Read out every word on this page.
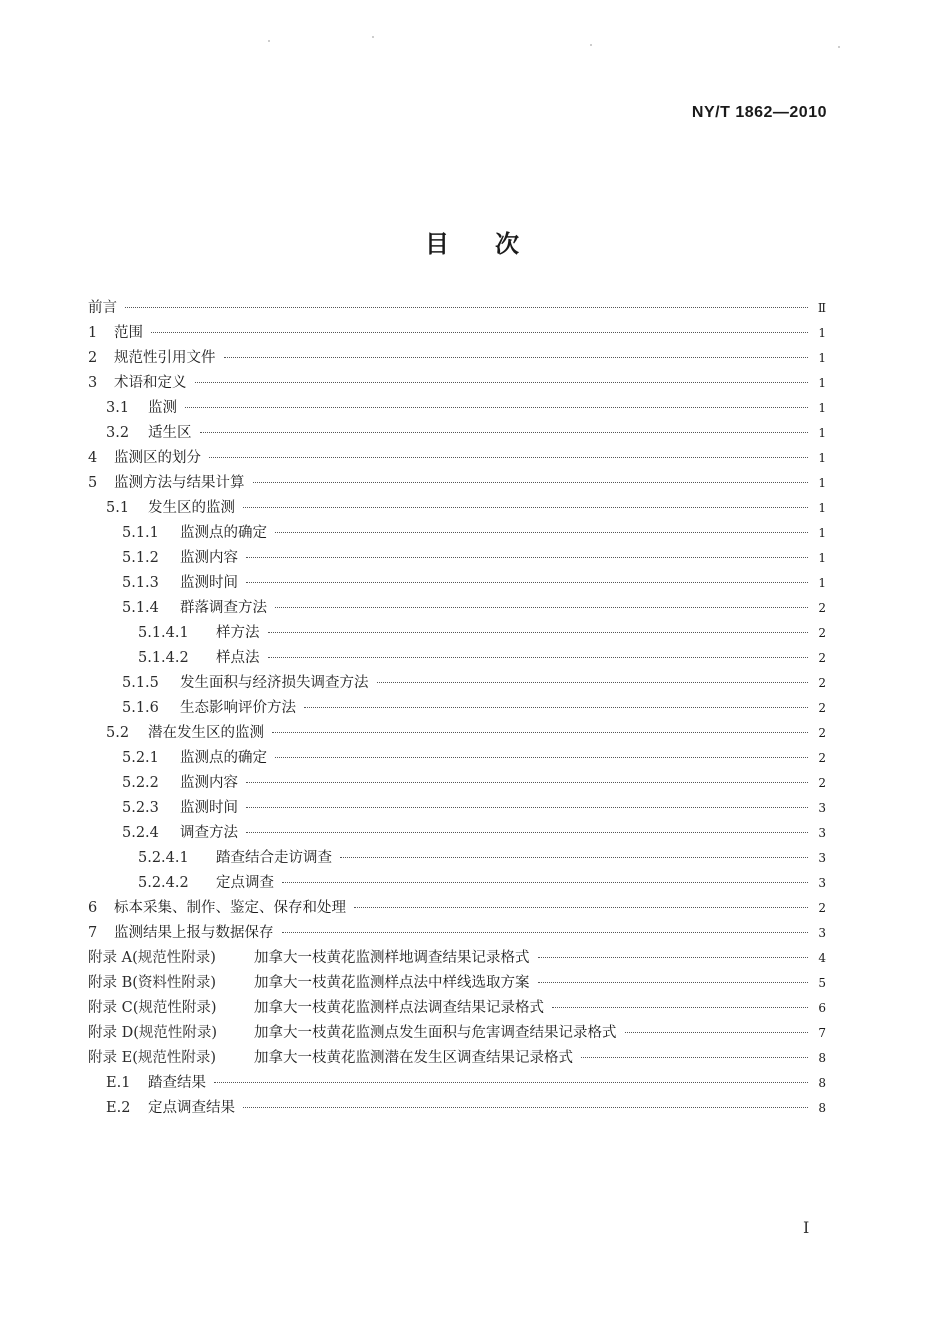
NY/T 1862—2010
目次
前言	Ⅱ
1	范围	1
2	规范性引用文件	1
3	术语和定义	1
3.1	监测	1
3.2	适生区	1
4	监测区的划分	1
5	监测方法与结果计算	1
5.1	发生区的监测	1
5.1.1	监测点的确定	1
5.1.2	监测内容	1
5.1.3	监测时间	1
5.1.4	群落调查方法	2
5.1.4.1	样方法	2
5.1.4.2	样点法	2
5.1.5	发生面积与经济损失调查方法	2
5.1.6	生态影响评价方法	2
5.2	潜在发生区的监测	2
5.2.1	监测点的确定	2
5.2.2	监测内容	2
5.2.3	监测时间	3
5.2.4	调查方法	3
5.2.4.1	踏查结合走访调查	3
5.2.4.2	定点调查	3
6	标本采集、制作、鉴定、保存和处理	2
7	监测结果上报与数据保存	3
附录 A(规范性附录)	加拿大一枝黄花监测样地调查结果记录格式	4
附录 B(资料性附录)	加拿大一枝黄花监测样点法中样线选取方案	5
附录 C(规范性附录)	加拿大一枝黄花监测样点法调查结果记录格式	6
附录 D(规范性附录)	加拿大一枝黄花监测点发生面积与危害调查结果记录格式	7
附录 E(规范性附录)	加拿大一枝黄花监测潜在发生区调查结果记录格式	8
E.1	踏查结果	8
E.2	定点调查结果	8
Ⅰ
